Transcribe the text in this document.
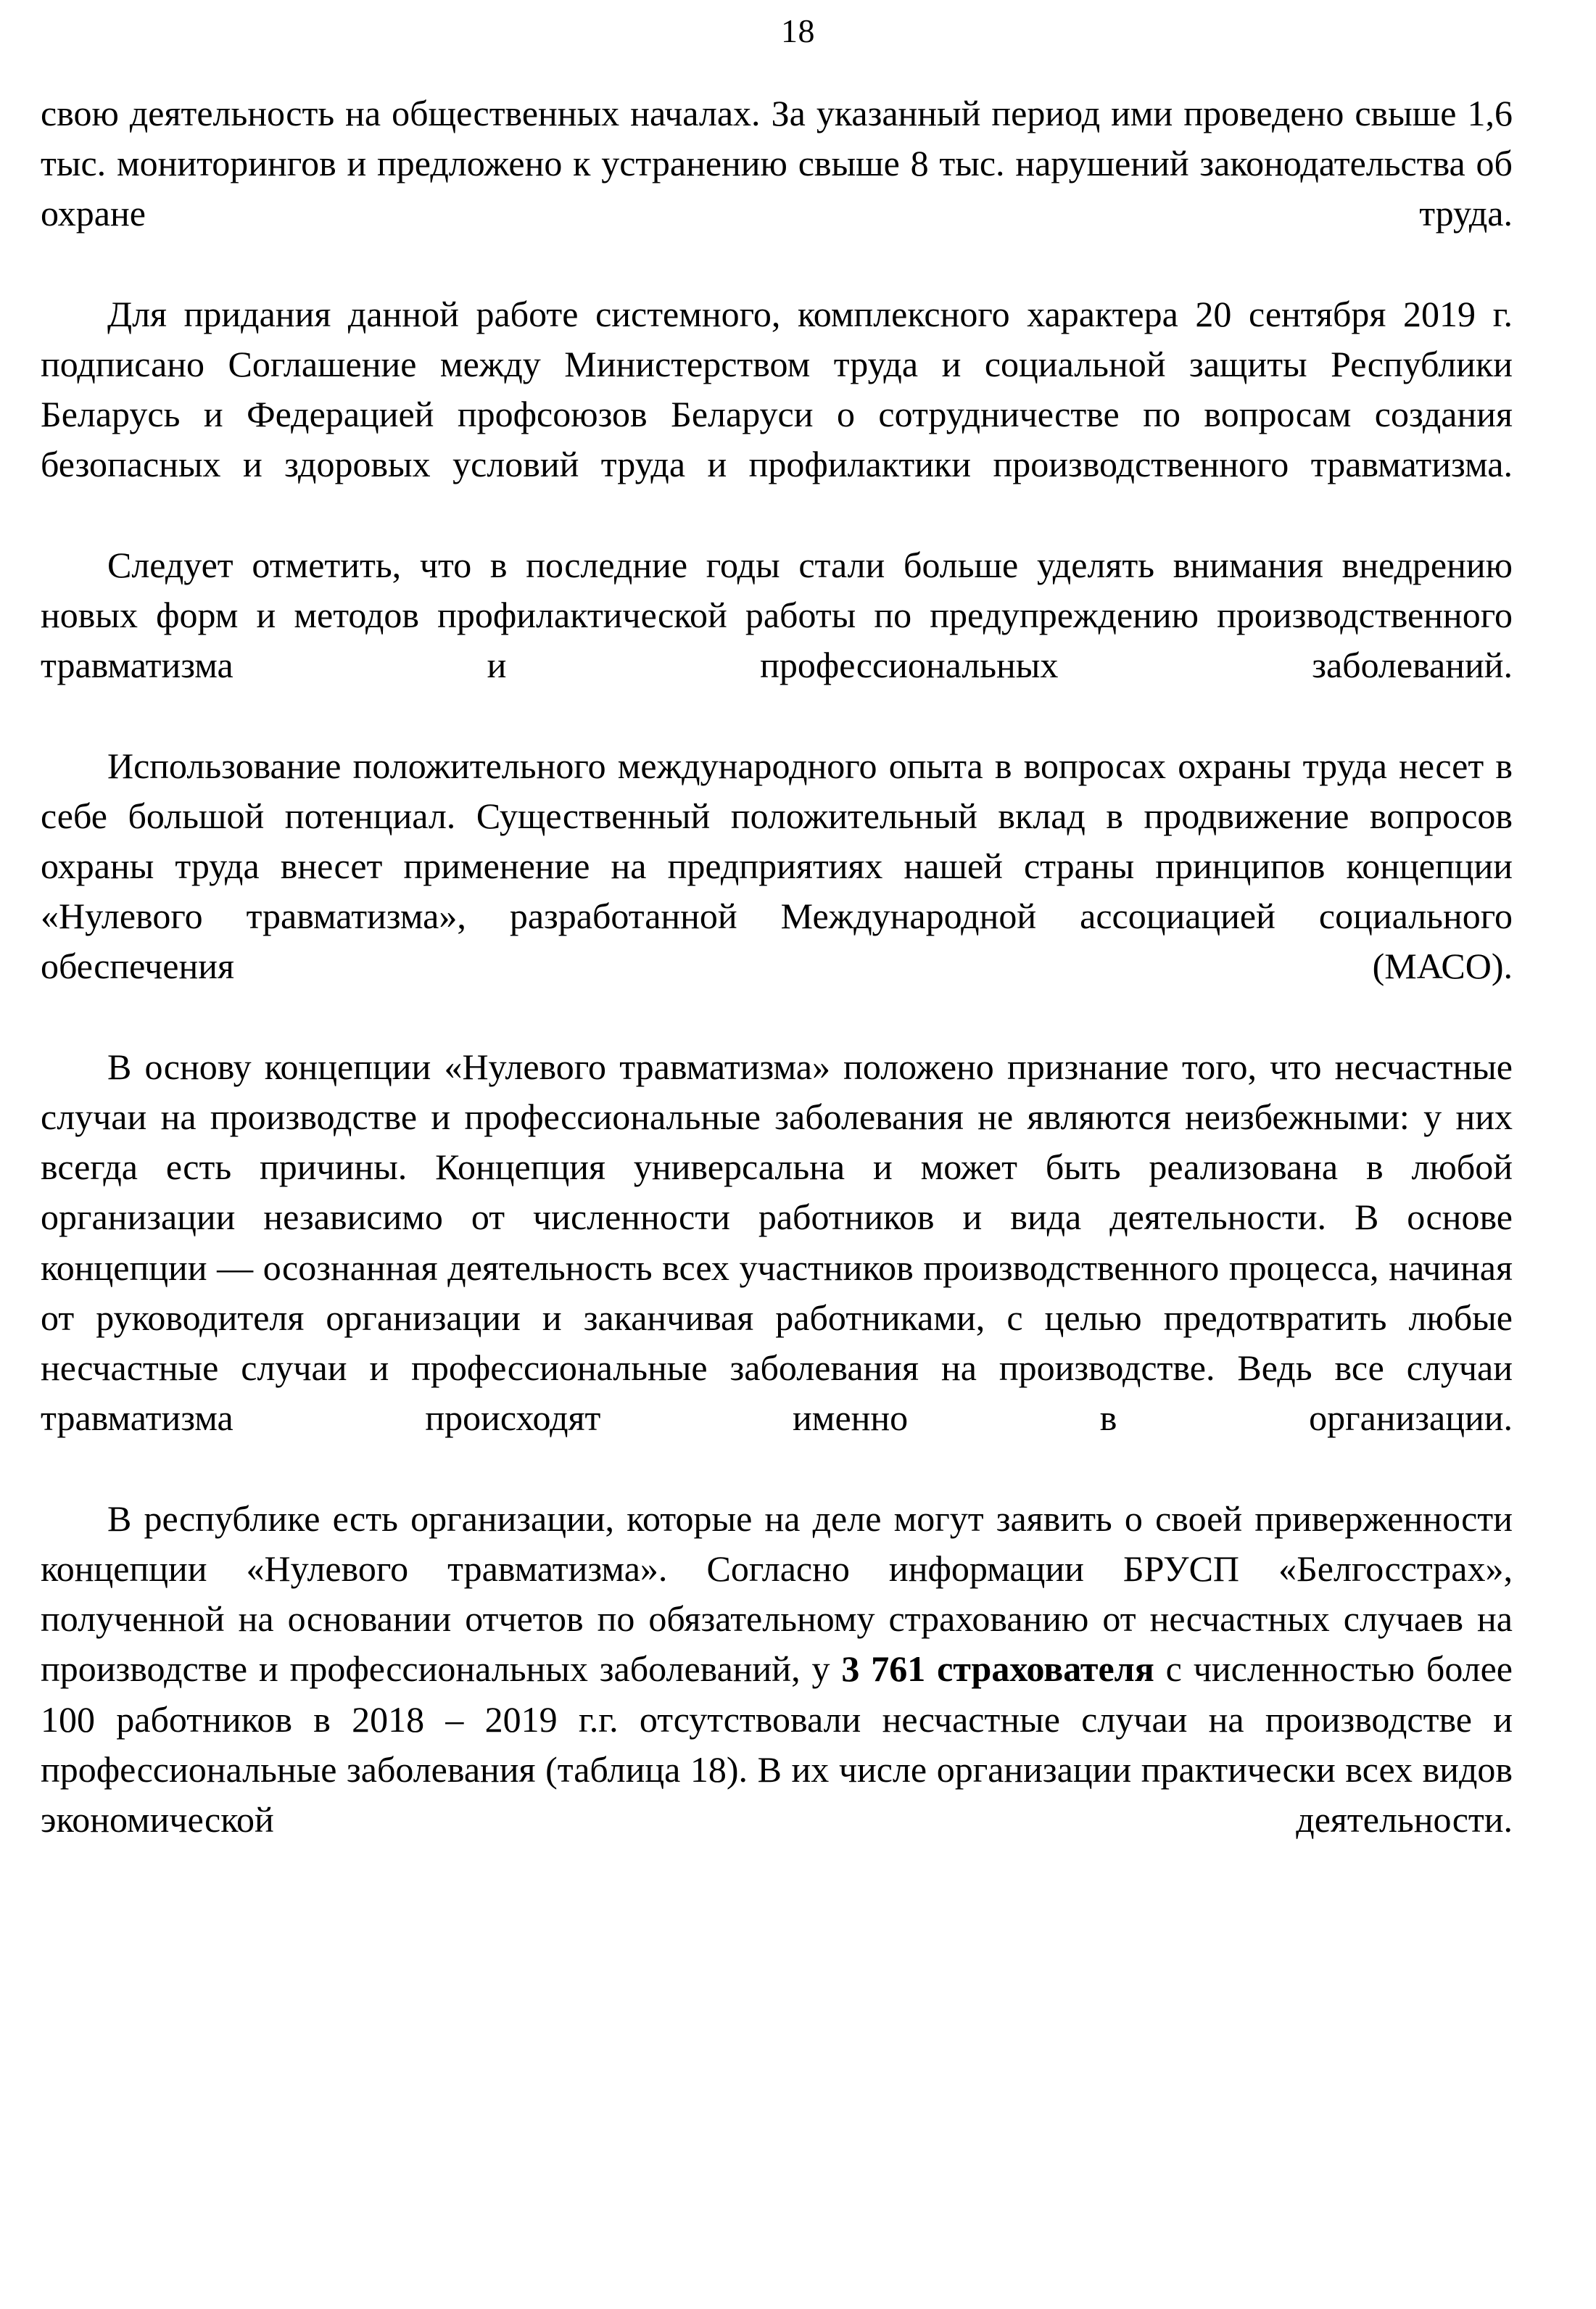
18

свою деятельность на общественных началах. За указанный период ими проведено свыше 1,6 тыс. мониторингов и предложено к устранению свыше 8 тыс. нарушений законодательства об охране труда.

Для придания данной работе системного, комплексного характера 20 сентября 2019 г. подписано Соглашение между Министерством труда и социальной защиты Республики Беларусь и Федерацией профсоюзов Беларуси о сотрудничестве по вопросам создания безопасных и здоровых условий труда и профилактики производственного травматизма.

Следует отметить, что в последние годы стали больше уделять внимания внедрению новых форм и методов профилактической работы по предупреждению производственного травматизма и профессиональных заболеваний.

Использование положительного международного опыта в вопросах охраны труда несет в себе большой потенциал. Существенный положительный вклад в продвижение вопросов охраны труда внесет применение на предприятиях нашей страны принципов концепции «Нулевого травматизма», разработанной Международной ассоциацией социального обеспечения (МАСО).

В основу концепции «Нулевого травматизма» положено признание того, что несчастные случаи на производстве и профессиональные заболевания не являются неизбежными: у них всегда есть причины. Концепция универсальна и может быть реализована в любой организации независимо от численности работников и вида деятельности. В основе концепции — осознанная деятельность всех участников производственного процесса, начиная от руководителя организации и заканчивая работниками, с целью предотвратить любые несчастные случаи и профессиональные заболевания на производстве. Ведь все случаи травматизма происходят именно в организации.

В республике есть организации, которые на деле могут заявить о своей приверженности концепции «Нулевого травматизма». Согласно информации БРУСП «Белгосстрах», полученной на основании отчетов по обязательному страхованию от несчастных случаев на производстве и профессиональных заболеваний, у 3 761 страхователя с численностью более 100 работников в 2018 – 2019 г.г. отсутствовали несчастные случаи на производстве и профессиональные заболевания (таблица 18). В их числе организации практически всех видов экономической деятельности.
